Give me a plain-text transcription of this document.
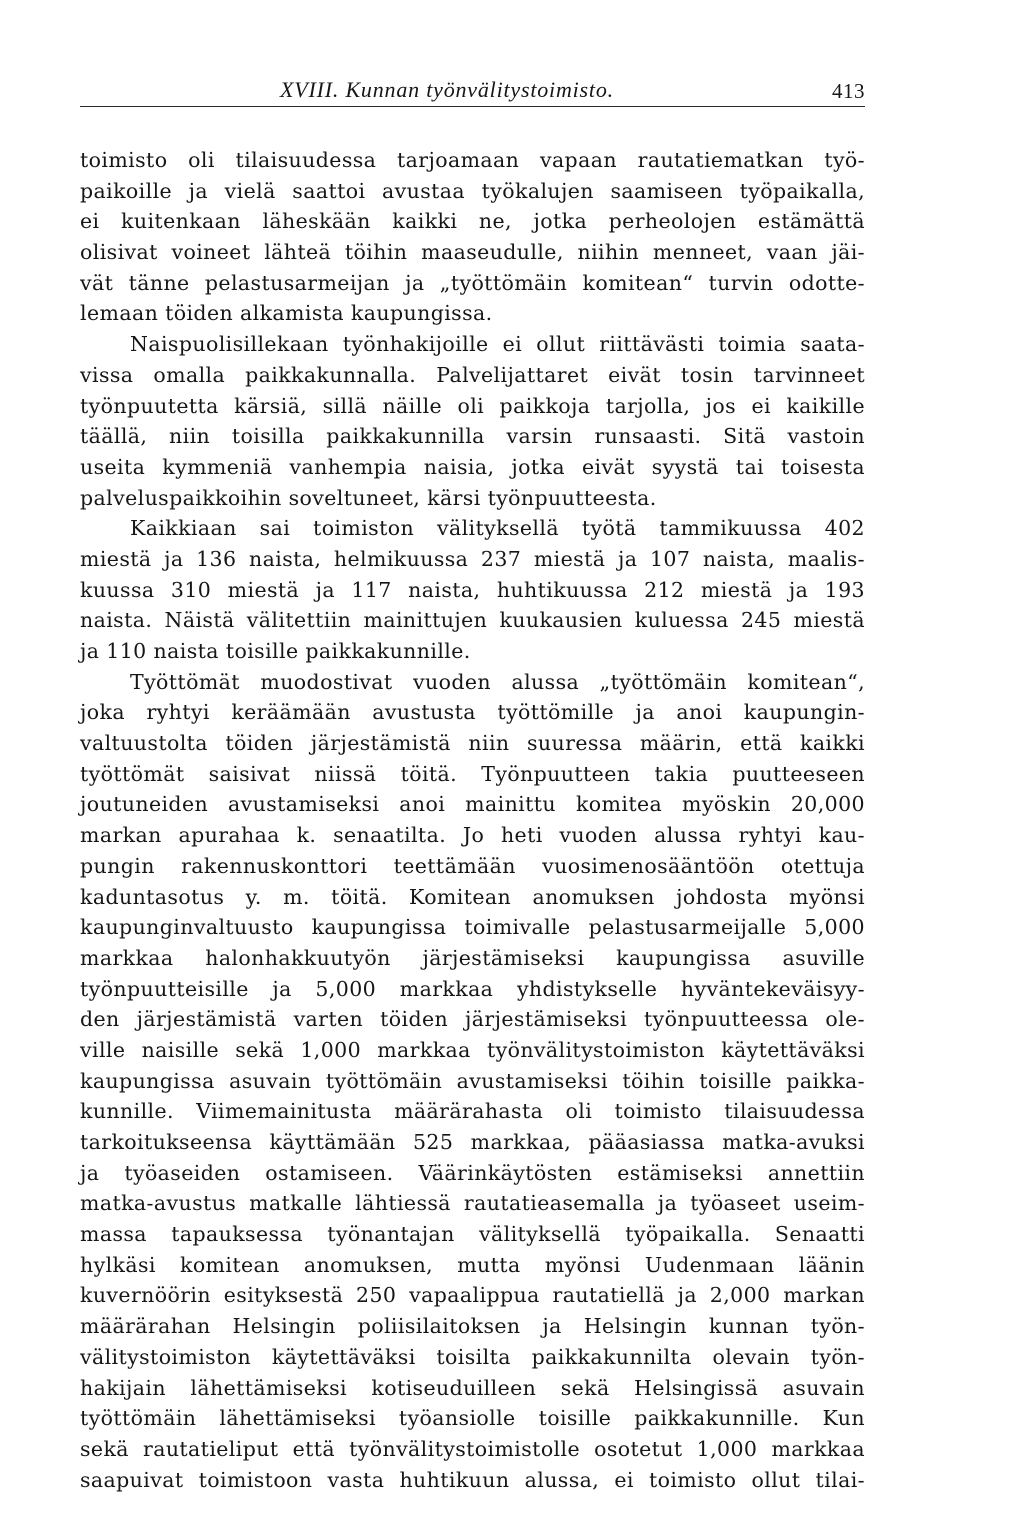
XVIII. Kunnan työnvälitystoimisto.	413
toimisto oli tilaisuudessa tarjoamaan vapaan rautatiematkan työ-
paikoille ja vielä saattoi avustaa työkalujen saamiseen työpaikalla,
ei kuitenkaan läheskään kaikki ne, jotka perheolojen estämättä
olisivat voineet lähteä töihin maaseudulle, niihin menneet, vaan jäi-
vät tänne pelastusarmeijan ja „työttömäin komitean“ turvin odotte-
lemaan töiden alkamista kaupungissa.
Naispuolisillekaan työnhakijoille ei ollut riittävästi toimia saata-
vissa omalla paikkakunnalla. Palvelijattaret eivät tosin tarvinneet
työnpuutetta kärsiä, sillä näille oli paikkoja tarjolla, jos ei kaikille
täällä, niin toisilla paikkakunnilla varsin runsaasti. Sitä vastoin
useita kymmeniä vanhempia naisia, jotka eivät syystä tai toisesta
palveluspaikkoihin soveltuneet, kärsi työnpuutteesta.
Kaikkiaan sai toimiston välityksellä työtä tammikuussa 402
miestä ja 136 naista, helmikuussa 237 miestä ja 107 naista, maalis-
kuussa 310 miestä ja 117 naista, huhtikuussa 212 miestä ja 193
naista. Näistä välitettiin mainittujen kuukausien kuluessa 245 miestä
ja 110 naista toisille paikkakunnille.
Työttömät muodostivat vuoden alussa „työttömäin komitean“,
joka ryhtyi keräämään avustusta työttömille ja anoi kaupungin-
valtuustolta töiden järjestämistä niin suuressa määrin, että kaikki
työttömät saisivat niissä töitä. Työnpuutteen takia puutteeseen
joutuneiden avustamiseksi anoi mainittu komitea myöskin 20,000
markan apurahaa k. senaatilta. Jo heti vuoden alussa ryhtyi kau-
pungin rakennuskonttori teettämään vuosimenosääntöön otettuja
kaduntasotus y. m. töitä. Komitean anomuksen johdosta myönsi
kaupunginvaltuusto kaupungissa toimivalle pelastusarmeijalle 5,000
markkaa halonhakkuutyön järjestämiseksi kaupungissa asuville
työnpuutteisille ja 5,000 markkaa yhdistykselle hyväntekeväisyy-
den järjestämistä varten töiden järjestämiseksi työnpuutteessa ole-
ville naisille sekä 1,000 markkaa työnvälitystoimiston käytettäväksi
kaupungissa asuvain työttömäin avustamiseksi töihin toisille paikka-
kunnille. Viimemainitusta määrärahasta oli toimisto tilaisuudessa
tarkoitukseensa käyttämään 525 markkaa, pääasiassa matka-avuksi
ja työaseiden ostamiseen. Väärinkäytösten estämiseksi annettiin
matka-avustus matkalle lähtiessä rautatieasemalla ja työaseet useim-
massa tapauksessa työnantajan välityksellä työpaikalla. Senaatti
hylkäsi komitean anomuksen, mutta myönsi Uudenmaan läänin
kuvernöörin esityksestä 250 vapaalippua rautatiellä ja 2,000 markan
määrärahan Helsingin poliisilaitoksen ja Helsingin kunnan työn-
välitystoimiston käytettäväksi toisilta paikkakunnilta olevain työn-
hakijain lähettämiseksi kotiseuduilleen sekä Helsingissä asuvain
työttömäin lähettämiseksi työansiolle toisille paikkakunnille. Kun
sekä rautatieliput että työnvälitystoimistolle osotetut 1,000 markkaa
saapuivat toimistoon vasta huhtikuun alussa, ei toimisto ollut tilai-
